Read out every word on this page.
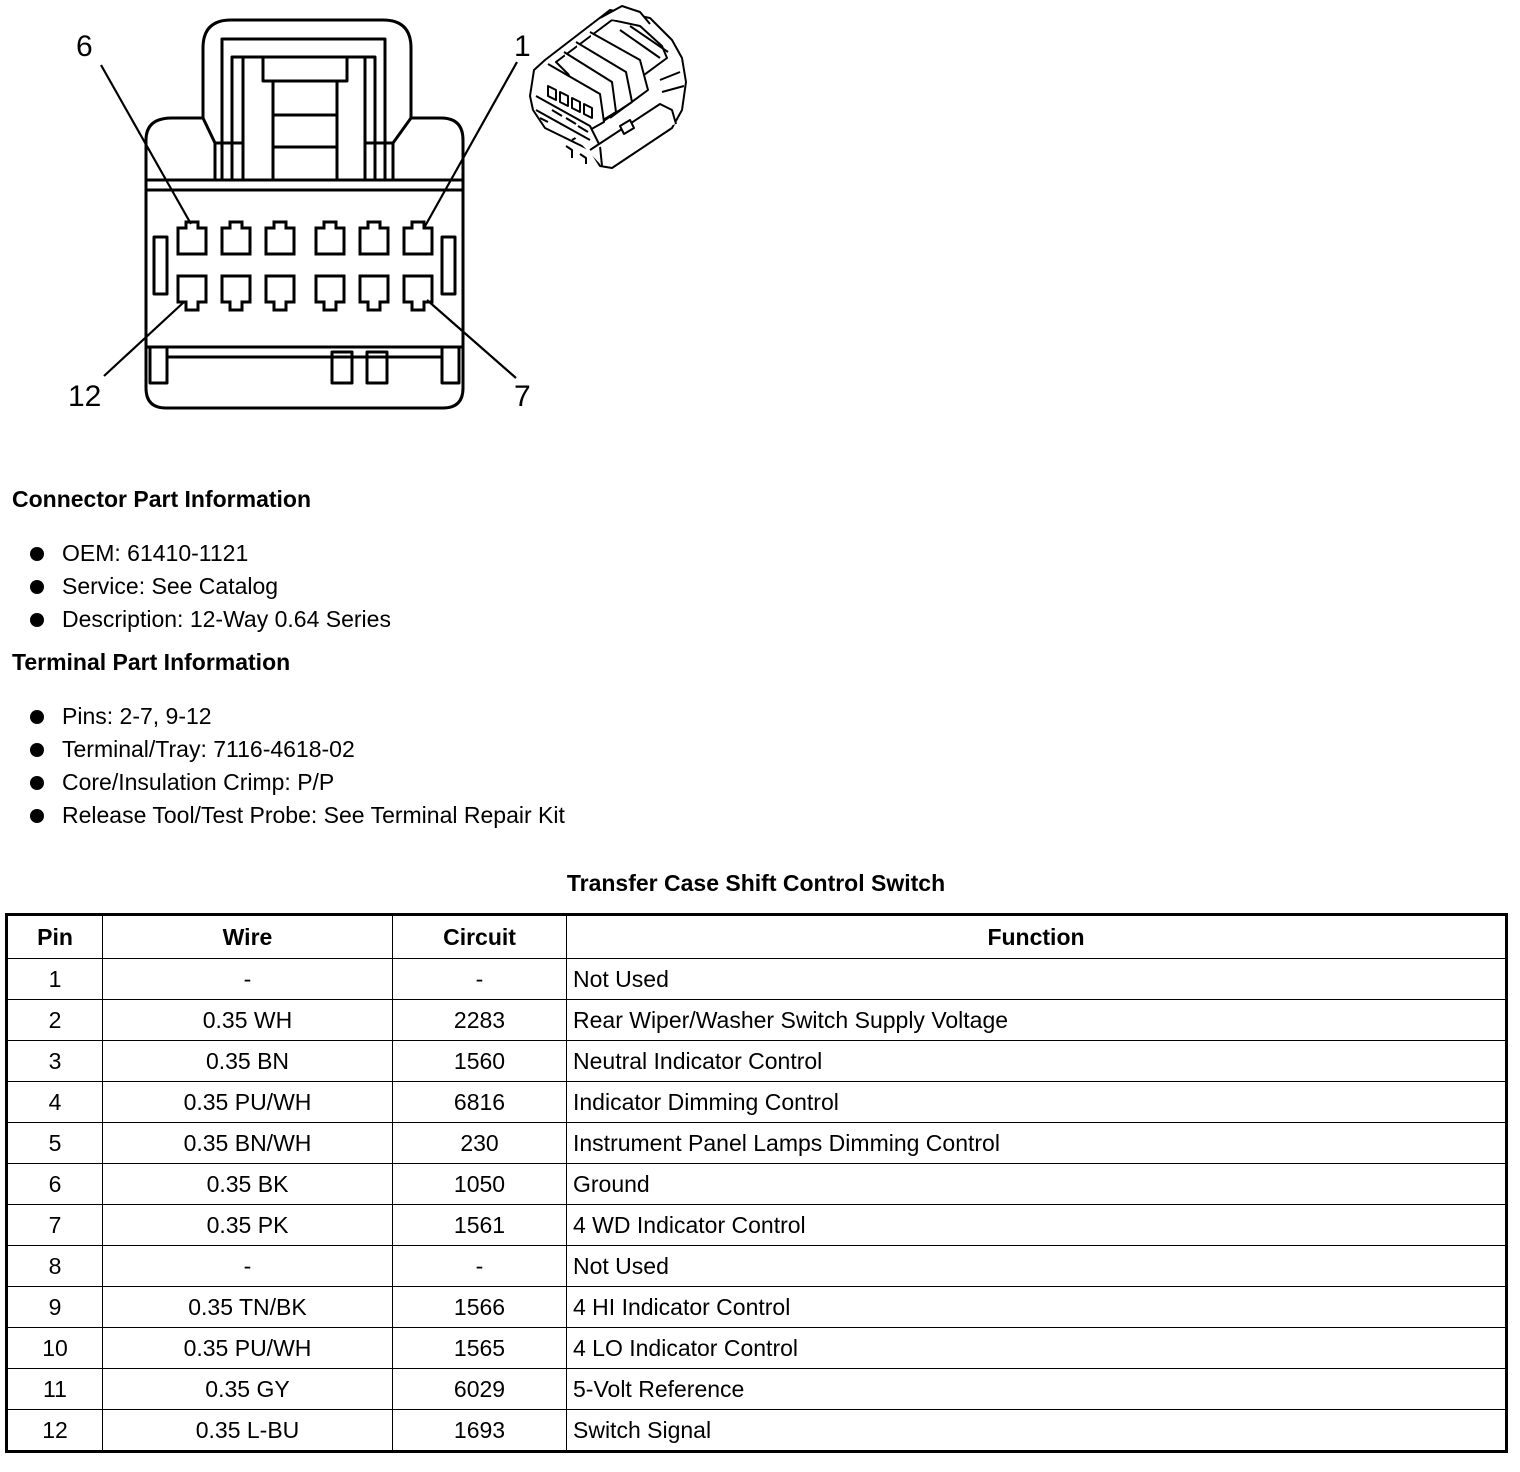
6	1
12	7
Connector Part Information
OEM: 61410-1121
Service: See Catalog
Description: 12-Way 0.64 Series
Terminal Part Information
Pins: 2-7, 9-12
Terminal/Tray: 7116-4618-02
Core/Insulation Crimp: P/P
Release Tool/Test Probe: See Terminal Repair Kit
Transfer Case Shift Control Switch
Pin	Wire	Circuit	Function
1	-	-	Not Used
2	0.35 WH	2283	Rear Wiper/Washer Switch Supply Voltage
3	0.35 BN	1560	Neutral Indicator Control
4	0.35 PU/WH	6816	Indicator Dimming Control
5	0.35 BN/WH	230	Instrument Panel Lamps Dimming Control
6	0.35 BK	1050	Ground
7	0.35 PK	1561	4 WD Indicator Control
8	-	-	Not Used
9	0.35 TN/BK	1566	4 HI Indicator Control
10	0.35 PU/WH	1565	4 LO Indicator Control
11	0.35 GY	6029	5-Volt Reference
12	0.35 L-BU	1693	Switch Signal
